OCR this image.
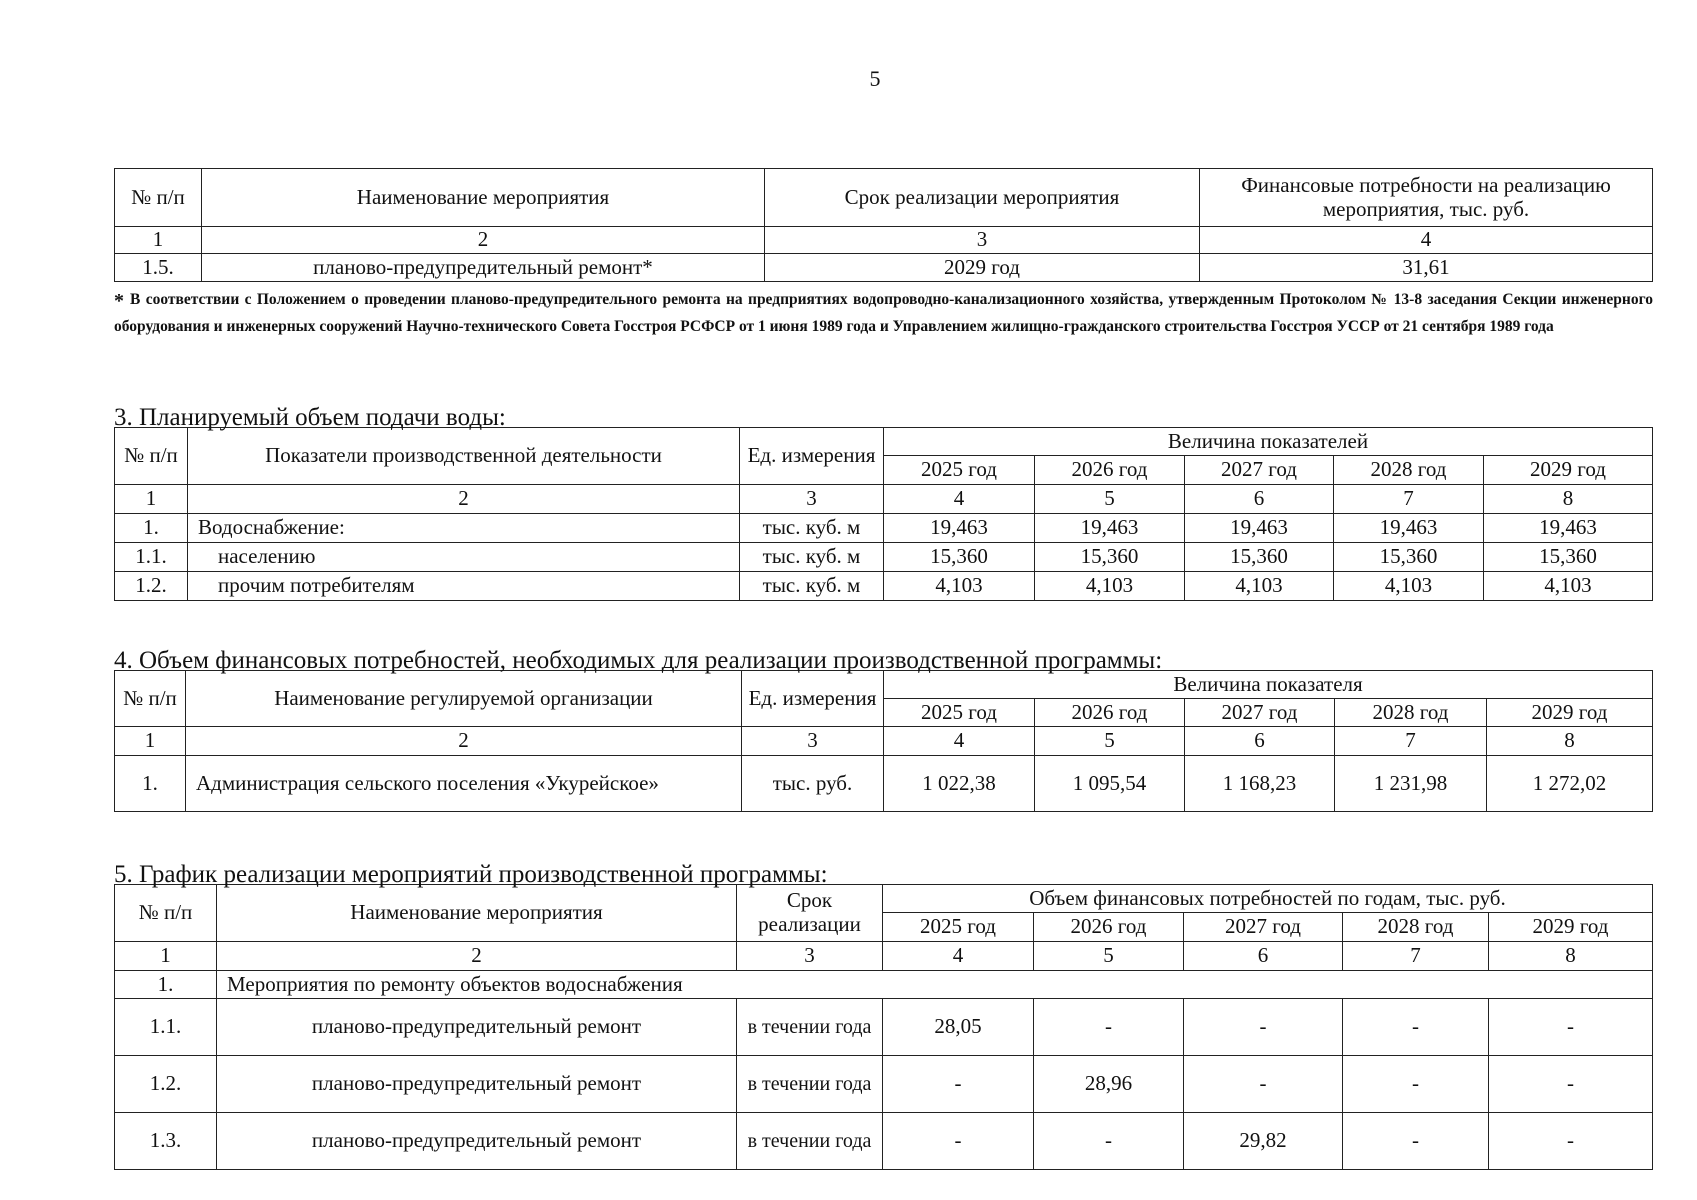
5
№ п/п	Наименование мероприятия	Срок реализации мероприятия	Финансовые потребности на реализацию мероприятия, тыс. руб.
1	2	3	4
1.5.	планово-предупредительный ремонт*	2029 год	31,61
* В соответствии с Положением о проведении планово-предупредительного ремонта на предприятиях водопроводно-канализационного хозяйства, утвержденным Протоколом № 13-8 заседания Секции инженерного оборудования и инженерных сооружений Научно-технического Совета Госстроя РСФСР от 1 июня 1989 года и Управлением жилищно-гражданского строительства Госстроя УССР от 21 сентября 1989 года
3. Планируемый объем подачи воды:
№ п/п	Показатели производственной деятельности	Ед. измерения	Величина показателей				
			2025 год	2026 год	2027 год	2028 год	2029 год
1	2	3	4	5	6	7	8
1.	Водоснабжение:	тыс. куб. м	19,463	19,463	19,463	19,463	19,463
1.1.	населению	тыс. куб. м	15,360	15,360	15,360	15,360	15,360
1.2.	прочим потребителям	тыс. куб. м	4,103	4,103	4,103	4,103	4,103
4. Объем финансовых потребностей, необходимых для реализации производственной программы:
№ п/п	Наименование регулируемой организации	Ед. измерения	Величина показателя				
			2025 год	2026 год	2027 год	2028 год	2029 год
1	2	3	4	5	6	7	8
1.	Администрация сельского поселения «Укурейское»	тыс. руб.	1 022,38	1 095,54	1 168,23	1 231,98	1 272,02
5. График реализации мероприятий производственной программы:
№ п/п	Наименование мероприятия	Срок реализации	Объем финансовых потребностей по годам, тыс. руб.				
			2025 год	2026 год	2027 год	2028 год	2029 год
1	2	3	4	5	6	7	8
1.	Мероприятия по ремонту объектов водоснабжения						
1.1.	планово-предупредительный ремонт	в течении года	28,05	-	-	-	-
1.2.	планово-предупредительный ремонт	в течении года	-	28,96	-	-	-
1.3.	планово-предупредительный ремонт	в течении года	-	-	29,82	-	-
